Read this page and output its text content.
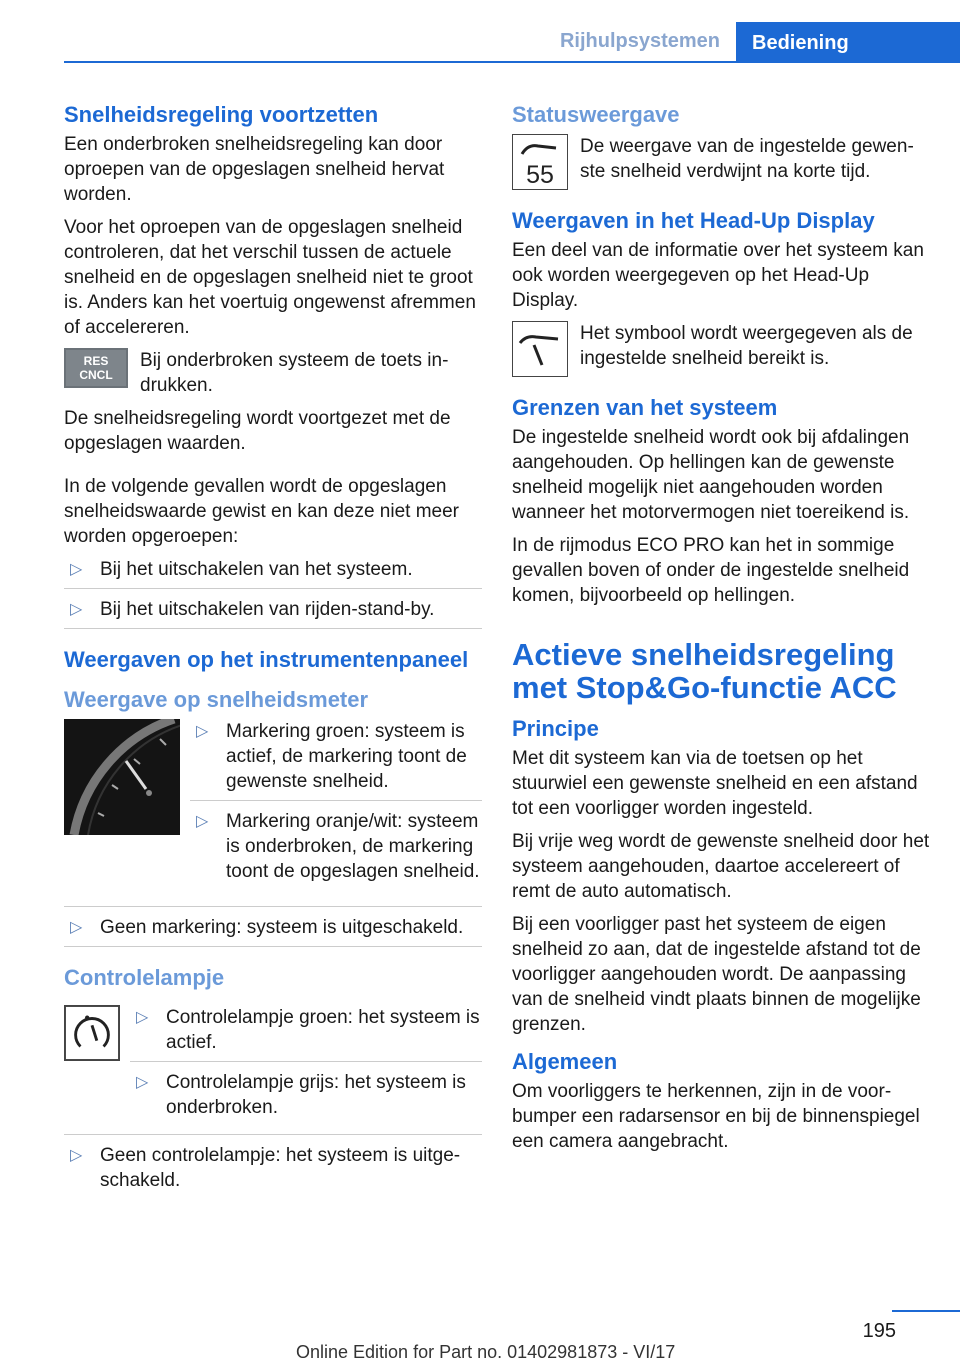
Rijhulpsystemen	Bediening
Snelheidsregeling voortzetten

Een onderbroken snelheidsregeling kan door oproepen van de opgeslagen snelheid hervat worden.

Voor het oproepen van de opgeslagen snelheid controleren, dat het verschil tussen de actuele snelheid en de opgeslagen snelheid niet te groot is. Anders kan het voertuig ongewenst afremmen of accelereren.

RES
CNCL
Bij onderbroken systeem de toets indrukken.

De snelheidsregeling wordt voortgezet met de opgeslagen waarden.

In de volgende gevallen wordt de opgeslagen snelheidswaarde gewist en kan deze niet meer worden opgeroepen:

▷ Bij het uitschakelen van het systeem.
▷ Bij het uitschakelen van rijden-stand-by.
Weergaven op het instrumentenpaneel
Weergave op snelheidsmeter
▷ Markering groen: systeem is actief, de markering toont de gewenste snelheid.
▷ Markering oranje/wit: systeem is onderbroken, de markering toont de opgeslagen snelheid.
▷ Geen markering: systeem is uitgeschakeld.
Controlelampje
▷ Controlelampje groen: het systeem is actief.
▷ Controlelampje grijs: het systeem is onderbroken.
▷ Geen controlelampje: het systeem is uitgeschakeld.
Statusweergave
55
De weergave van de ingestelde gewenste snelheid verdwijnt na korte tijd.
Weergaven in het Head-Up Display

Een deel van de informatie over het systeem kan ook worden weergegeven op het Head-Up Display.

Het symbool wordt weergegeven als de ingestelde snelheid bereikt is.
Grenzen van het systeem

De ingestelde snelheid wordt ook bij afdalingen aangehouden. Op hellingen kan de gewenste snelheid mogelijk niet aangehouden worden wanneer het motorvermogen niet toereikend is.

In de rijmodus ECO PRO kan het in sommige gevallen boven of onder de ingestelde snelheid komen, bijvoorbeeld op hellingen.

Actieve snelheidsregeling met Stop&Go-functie ACC
Principe

Met dit systeem kan via de toetsen op het stuurwiel een gewenste snelheid en een afstand tot een voorligger worden ingesteld.

Bij vrije weg wordt de gewenste snelheid door het systeem aangehouden, daartoe accelereert of remt de auto automatisch.

Bij een voorligger past het systeem de eigen snelheid zo aan, dat de ingestelde afstand tot de voorligger aangehouden wordt. De aanpassing van de snelheid vindt plaats binnen de mogelijke grenzen.

Algemeen

Om voorliggers te herkennen, zijn in de voorbumper een radarsensor en bij de binnenspiegel een camera aangebracht.

195
Online Edition for Part no. 01402981873 - VI/17
